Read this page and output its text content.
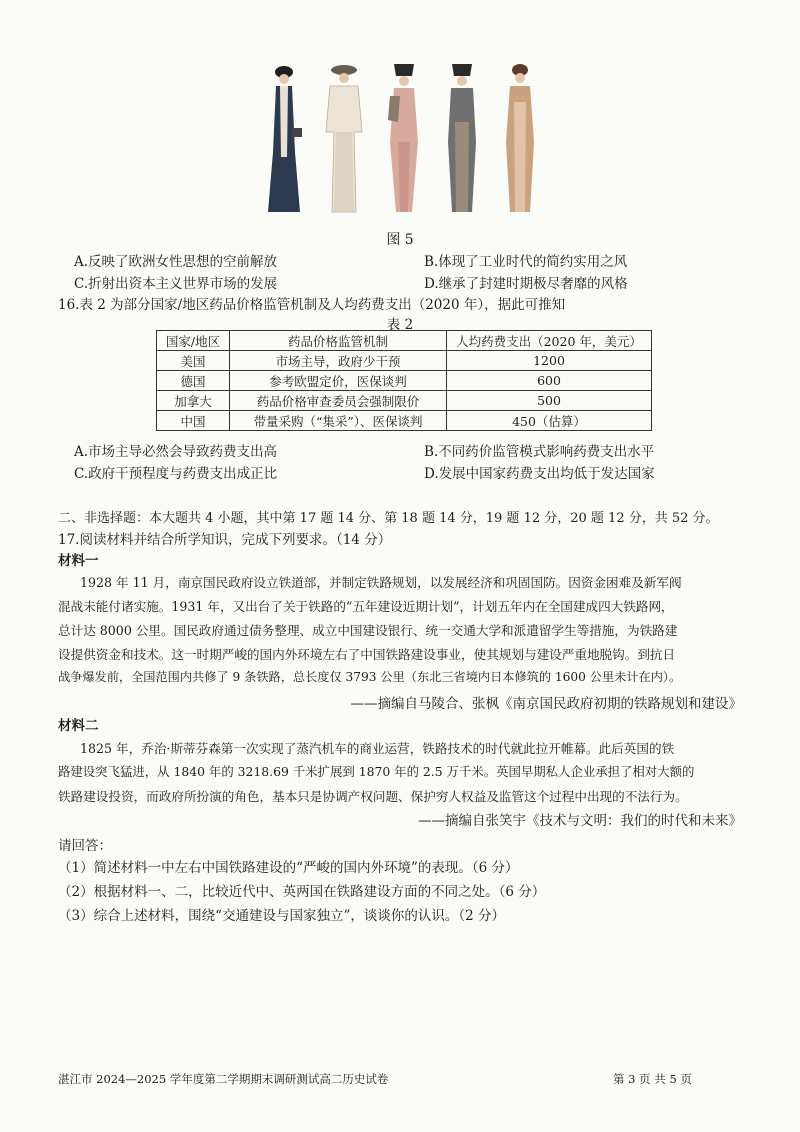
图 5
A.反映了欧洲女性思想的空前解放	B.体现了工业时代的简约实用之风
C.折射出资本主义世界市场的发展	D.继承了封建时期极尽奢靡的风格
16.表 2 为部分国家/地区药品价格监管机制及人均药费支出（2020 年），据此可推知
表 2
国家/地区	药品价格监管机制	人均药费支出（2020 年，美元）
美国	市场主导，政府少干预	1200
德国	参考欧盟定价，医保谈判	600
加拿大	药品价格审查委员会强制限价	500
中国	带量采购（“集采”）、医保谈判	450（估算）
A.市场主导必然会导致药费支出高	B.不同药价监管模式影响药费支出水平
C.政府干预程度与药费支出成正比	D.发展中国家药费支出均低于发达国家
二、非选择题：本大题共 4 小题，其中第 17 题 14 分、第 18 题 14 分，19 题 12 分，20 题 12 分，共 52 分。
17.阅读材料并结合所学知识，完成下列要求。（14 分）
材料一
1928 年 11 月，南京国民政府设立铁道部，并制定铁路规划，以发展经济和巩固国防。因资金困难及新军阀
混战未能付诸实施。1931 年，又出台了关于铁路的“五年建设近期计划”，计划五年内在全国建成四大铁路网，
总计达 8000 公里。国民政府通过债务整理、成立中国建设银行、统一交通大学和派遣留学生等措施，为铁路建
设提供资金和技术。这一时期严峻的国内外环境左右了中国铁路建设事业，使其规划与建设严重地脱钩。到抗日
战争爆发前，全国范围内共修了 9 条铁路，总长度仅 3793 公里（东北三省境内日本修筑的 1600 公里未计在内）。
——摘编自马陵合、张枫《南京国民政府初期的铁路规划和建设》
材料二
1825 年，乔治·斯蒂芬森第一次实现了蒸汽机车的商业运营，铁路技术的时代就此拉开帷幕。此后英国的铁
路建设突飞猛进，从 1840 年的 3218.69 千米扩展到 1870 年的 2.5 万千米。英国早期私人企业承担了相对大额的
铁路建设投资，而政府所扮演的角色，基本只是协调产权问题、保护穷人权益及监管这个过程中出现的不法行为。
——摘编自张笑宇《技术与文明：我们的时代和未来》
请回答：
（1）简述材料一中左右中国铁路建设的“严峻的国内外环境”的表现。（6 分）
（2）根据材料一、二，比较近代中、英两国在铁路建设方面的不同之处。（6 分）
（3）综合上述材料，围绕“交通建设与国家独立”，谈谈你的认识。（2 分）
湛江市 2024—2025 学年度第二学期期末调研测试高二历史试卷	第 3 页 共 5 页
